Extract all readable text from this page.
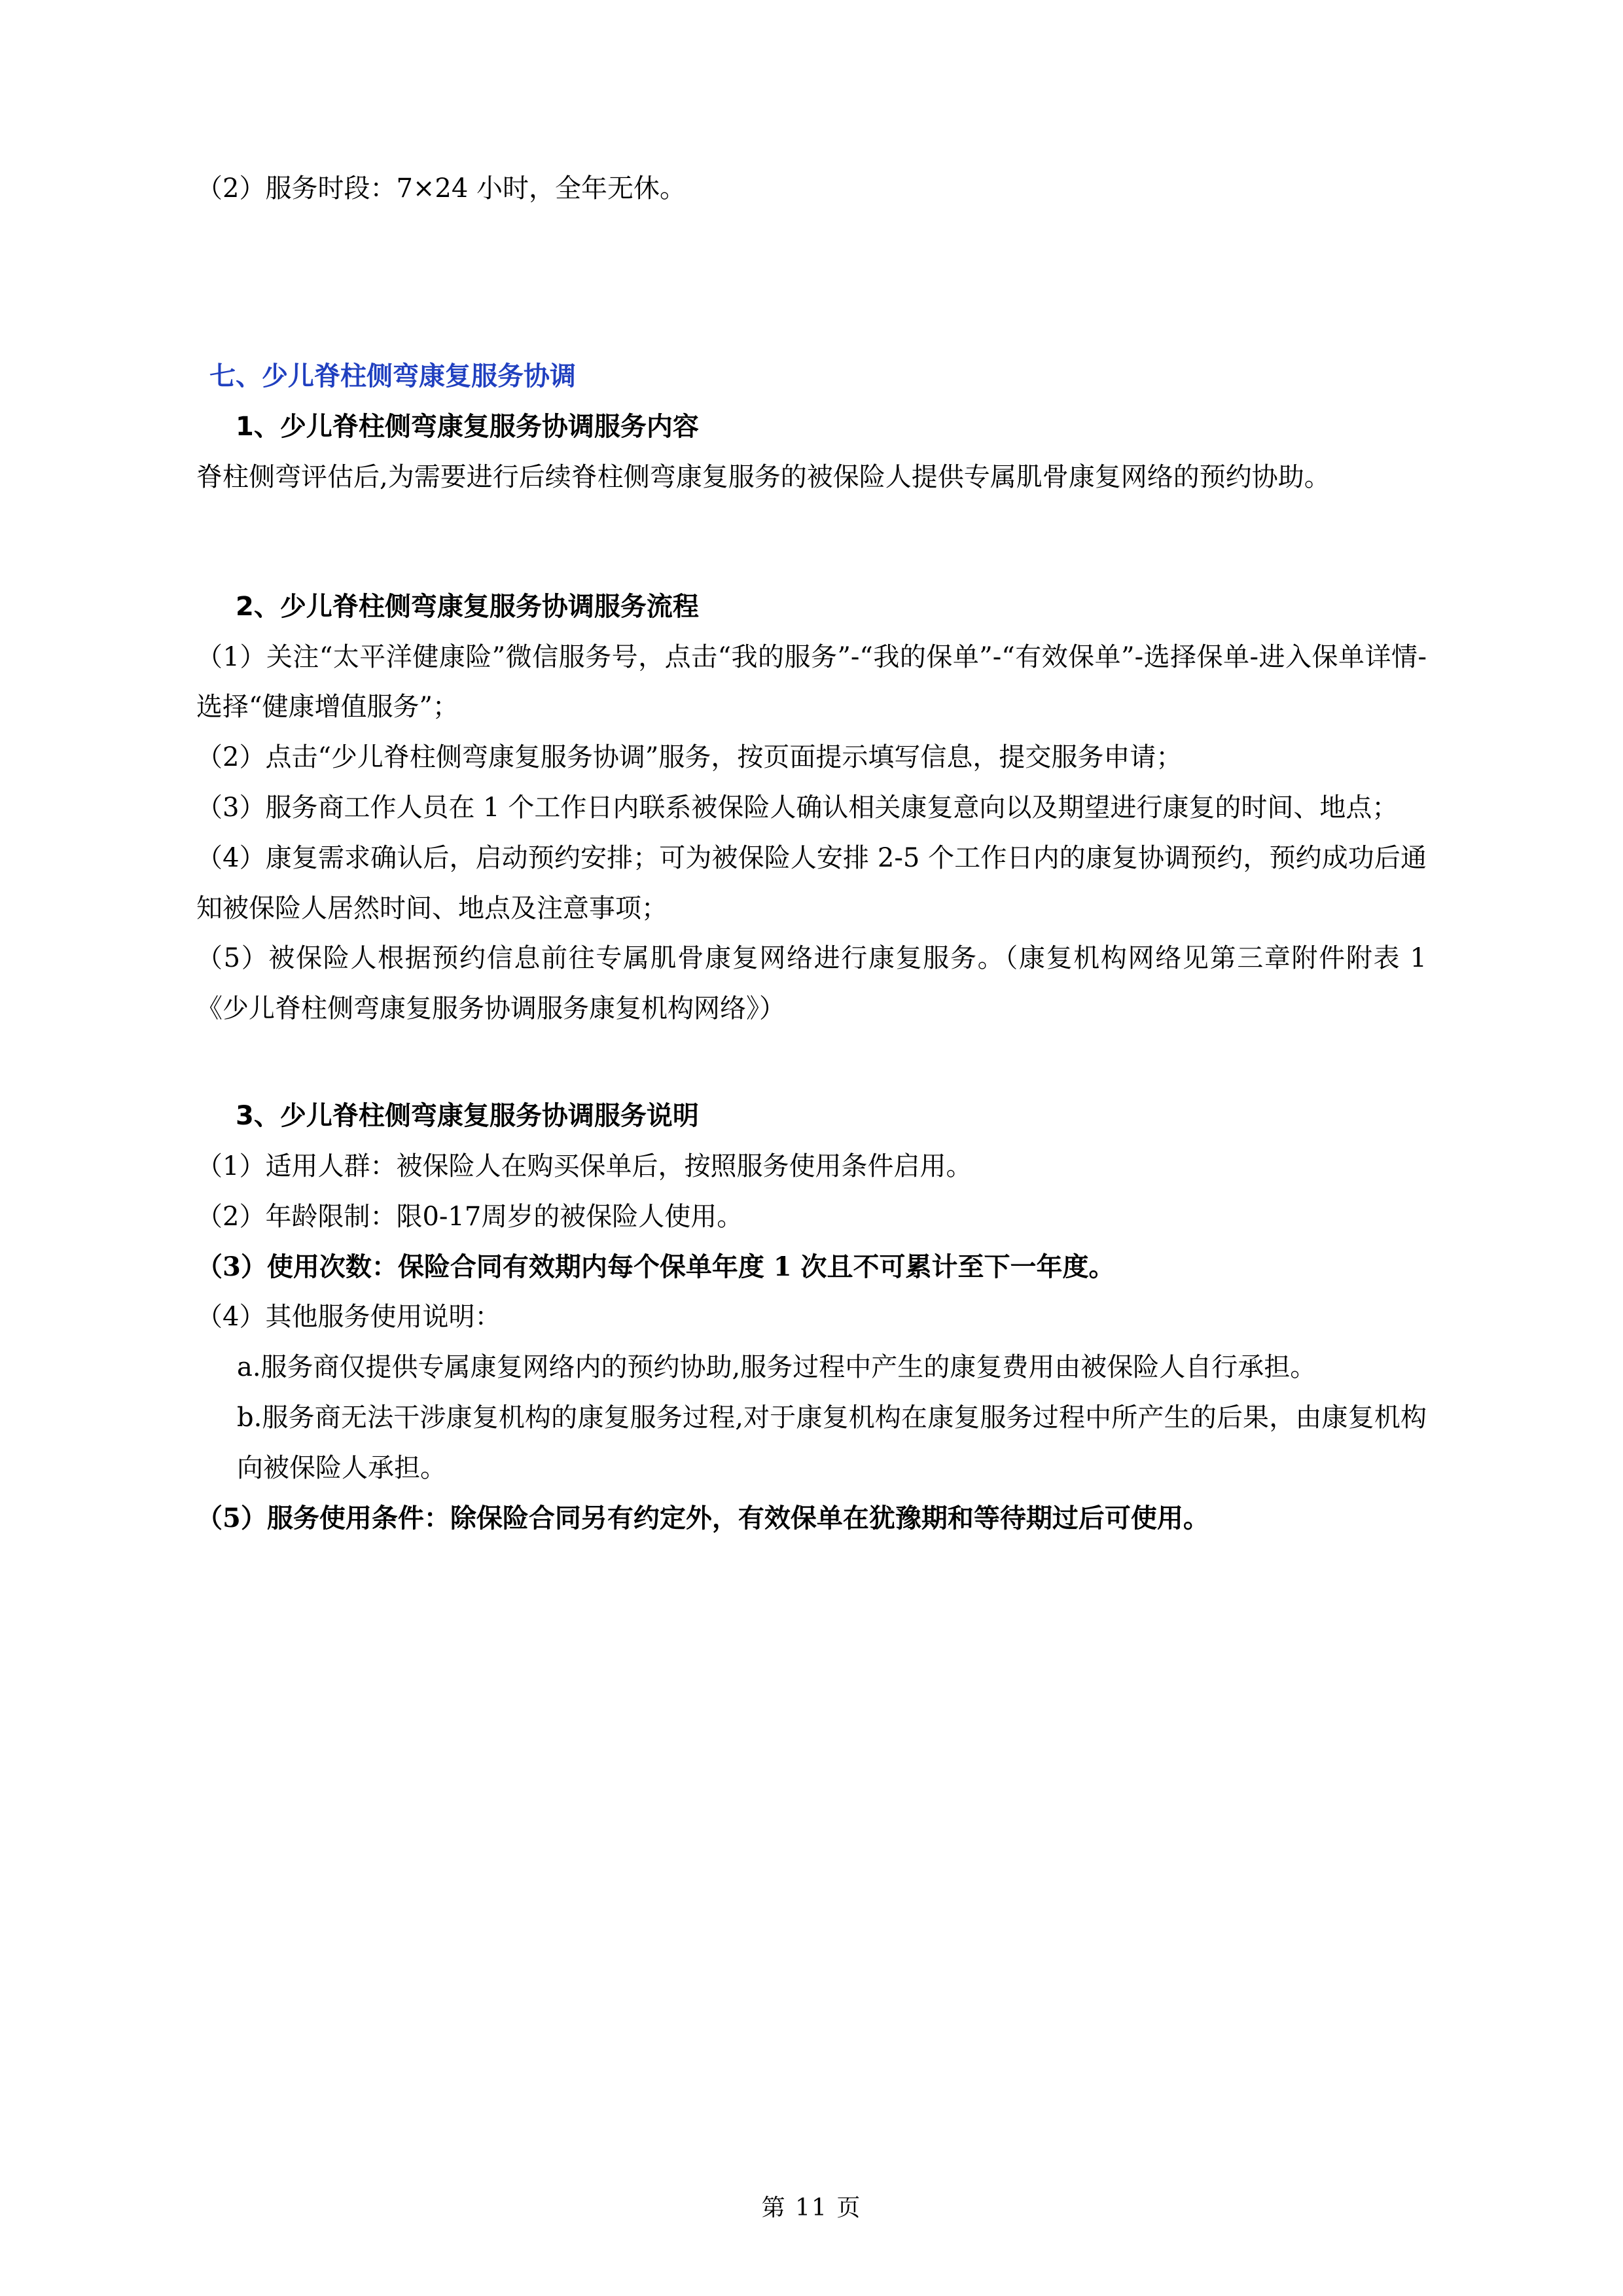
（2）服务时段：7×24 小时，全年无休。

七、少儿脊柱侧弯康复服务协调

1、少儿脊柱侧弯康复服务协调服务内容

脊柱侧弯评估后,为需要进行后续脊柱侧弯康复服务的被保险人提供专属肌骨康复网络的预约协助。

2、少儿脊柱侧弯康复服务协调服务流程

（1）关注“太平洋健康险”微信服务号，点击“我的服务”-“我的保单”-“有效保单”-选择保单-进入保单详情-选择“健康增值服务”；

（2）点击“少儿脊柱侧弯康复服务协调”服务，按页面提示填写信息，提交服务申请；

（3）服务商工作人员在 1 个工作日内联系被保险人确认相关康复意向以及期望进行康复的时间、地点；

（4）康复需求确认后，启动预约安排；可为被保险人安排 2-5 个工作日内的康复协调预约，预约成功后通知被保险人居然时间、地点及注意事项；

（5）被保险人根据预约信息前往专属肌骨康复网络进行康复服务。（康复机构网络见第三章附件附表 1《少儿脊柱侧弯康复服务协调服务康复机构网络》）

3、少儿脊柱侧弯康复服务协调服务说明

（1）适用人群：被保险人在购买保单后，按照服务使用条件启用。

（2）年龄限制：限0-17周岁的被保险人使用。

（3）使用次数：保险合同有效期内每个保单年度 1 次且不可累计至下一年度。

（4）其他服务使用说明：

a.服务商仅提供专属康复网络内的预约协助,服务过程中产生的康复费用由被保险人自行承担。

b.服务商无法干涉康复机构的康复服务过程,对于康复机构在康复服务过程中所产生的后果，由康复机构向被保险人承担。

（5）服务使用条件：除保险合同另有约定外，有效保单在犹豫期和等待期过后可使用。

第 11 页
